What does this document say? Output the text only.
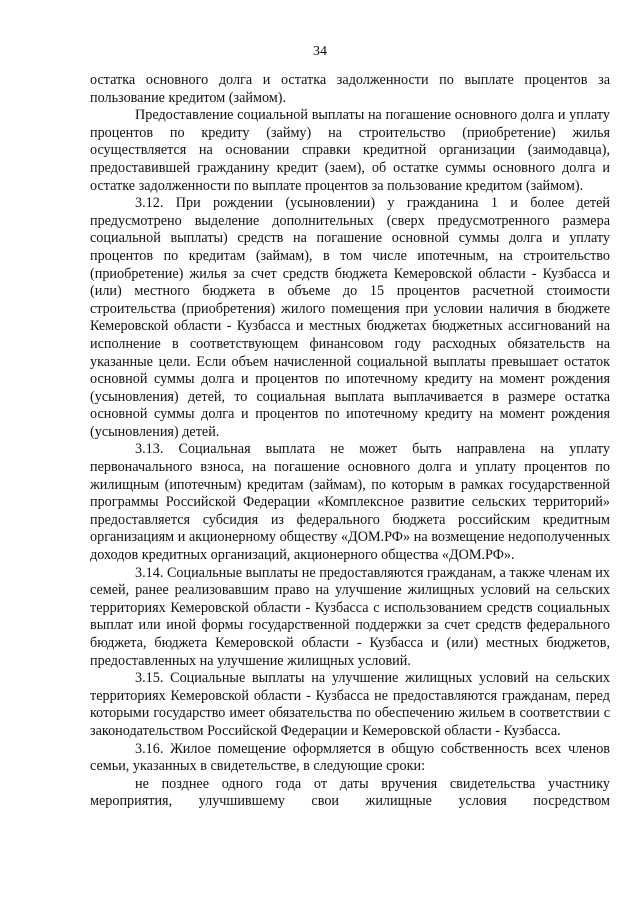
34

остатка основного долга и остатка задолженности по выплате процентов за пользование кредитом (займом).

Предоставление социальной выплаты на погашение основного долга и уплату процентов по кредиту (займу) на строительство (приобретение) жилья осуществляется на основании справки кредитной организации (заимодавца), предоставившей гражданину кредит (заем), об остатке суммы основного долга и остатке задолженности по выплате процентов за пользование кредитом (займом).

3.12. При рождении (усыновлении) у гражданина 1 и более детей предусмотрено выделение дополнительных (сверх предусмотренного размера социальной выплаты) средств на погашение основной суммы долга и уплату процентов по кредитам (займам), в том числе ипотечным, на строительство (приобретение) жилья за счет средств бюджета Кемеровской области - Кузбасса и (или) местного бюджета в объеме до 15 процентов расчетной стоимости строительства (приобретения) жилого помещения при условии наличия в бюджете Кемеровской области - Кузбасса и местных бюджетах бюджетных ассигнований на исполнение в соответствующем финансовом году расходных обязательств на указанные цели. Если объем начисленной социальной выплаты превышает остаток основной суммы долга и процентов по ипотечному кредиту на момент рождения (усыновления) детей, то социальная выплата выплачивается в размере остатка основной суммы долга и процентов по ипотечному кредиту на момент рождения (усыновления) детей.

3.13. Социальная выплата не может быть направлена на уплату первоначального взноса, на погашение основного долга и уплату процентов по жилищным (ипотечным) кредитам (займам), по которым в рамках государственной программы Российской Федерации «Комплексное развитие сельских территорий» предоставляется субсидия из федерального бюджета российским кредитным организациям и акционерному обществу «ДОМ.РФ» на возмещение недополученных доходов кредитных организаций, акционерного общества «ДОМ.РФ».

3.14. Социальные выплаты не предоставляются гражданам, а также членам их семей, ранее реализовавшим право на улучшение жилищных условий на сельских территориях Кемеровской области - Кузбасса с использованием средств социальных выплат или иной формы государственной поддержки за счет средств федерального бюджета, бюджета Кемеровской области - Кузбасса и (или) местных бюджетов, предоставленных на улучшение жилищных условий.

3.15. Социальные выплаты на улучшение жилищных условий на сельских территориях Кемеровской области - Кузбасса не предоставляются гражданам, перед которыми государство имеет обязательства по обеспечению жильем в соответствии с законодательством Российской Федерации и Кемеровской области - Кузбасса.

3.16. Жилое помещение оформляется в общую собственность всех членов семьи, указанных в свидетельстве, в следующие сроки:

не позднее одного года от даты вручения свидетельства участнику мероприятия, улучшившему свои жилищные условия посредством
